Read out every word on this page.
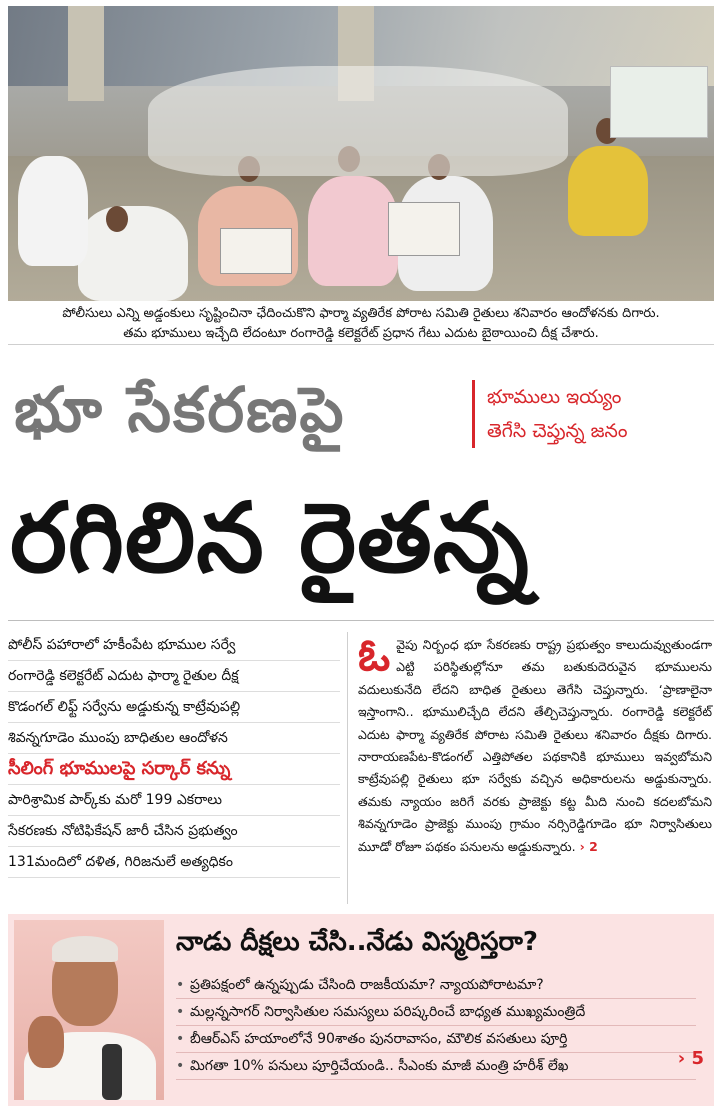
పోలీసులు ఎన్ని అడ్డంకులు సృష్టించినా ఛేదించుకొని ఫార్మా వ్యతిరేక పోరాట సమితి రైతులు శనివారం ఆందోళనకు దిగారు.
తమ భూములు ఇచ్చేది లేదంటూ రంగారెడ్డి కలెక్టరేట్ ప్రధాన గేటు ఎదుట బైఠాయించి దీక్ష చేశారు.
భూ సేకరణపై	భూములు ఇయ్యం
తెగేసి చెప్తున్న జనం
రగిలిన రైతన్న
పోలీస్ పహారాలో హకీంపేట భూముల సర్వే
రంగారెడ్డి కలెక్టరేట్ ఎదుట ఫార్మా రైతుల దీక్ష
కొడంగల్ లిఫ్ట్ సర్వేను అడ్డుకున్న కాట్రేవుపల్లి
శివన్నగూడెం ముంపు బాధితుల ఆందోళన
సీలింగ్ భూములపై సర్కార్ కన్ను
పారిశ్రామిక పార్క్‌కు మరో 199 ఎకరాలు
సేకరణకు నోటిఫికేషన్ జారీ చేసిన ప్రభుత్వం
131మందిలో దళిత, గిరిజనులే అత్యధికం
ఓ వైపు నిర్బంధ భూ సేకరణకు రాష్ట్ర ప్రభుత్వం కాలుదువ్వుతుండగా ఎట్టి పరిస్థితుల్లోనూ తమ బతుకుదెరువైన భూములను వదులుకునేది లేదని బాధిత రైతులు తెగేసి చెప్తున్నారు. ‘ప్రాణాలైనా ఇస్తాంగాని.. భూములిచ్చేది లేదని తేల్చిచెప్తున్నారు. రంగారెడ్డి కలెక్టరేట్ ఎదుట ఫార్మా వ్యతిరేక పోరాట సమితి రైతులు శనివారం దీక్షకు దిగారు. నారాయణపేట-కొడంగల్ ఎత్తిపోతల పథకానికి భూములు ఇవ్వబోమని కాట్రేవుపల్లి రైతులు భూ సర్వేకు వచ్చిన అధికారులను అడ్డుకున్నారు. తమకు న్యాయం జరిగే వరకు ప్రాజెక్టు కట్ట మీది నుంచి కదలబోమని శివన్నగూడెం ప్రాజెక్టు ముంపు గ్రామం నర్సిరెడ్డిగూడెం భూ నిర్వాసితులు మూడో రోజూ పథకం పనులను అడ్డుకున్నారు. › 2
నాడు దీక్షలు చేసి..నేడు విస్మరిస్తరా?
• ప్రతిపక్షంలో ఉన్నప్పుడు చేసింది రాజకీయమా? న్యాయపోరాటమా?
• మల్లన్నసాగర్ నిర్వాసితుల సమస్యలు పరిష్కరించే బాధ్యత ముఖ్యమంత్రిదే
• బీఆర్ఎస్ హయాంలోనే 90శాతం పునరావాసం, మౌలిక వసతులు పూర్తి
• మిగతా 10% పనులు పూర్తిచేయండి.. సీఎంకు మాజీ మంత్రి హరీశ్ లేఖ	› 5
